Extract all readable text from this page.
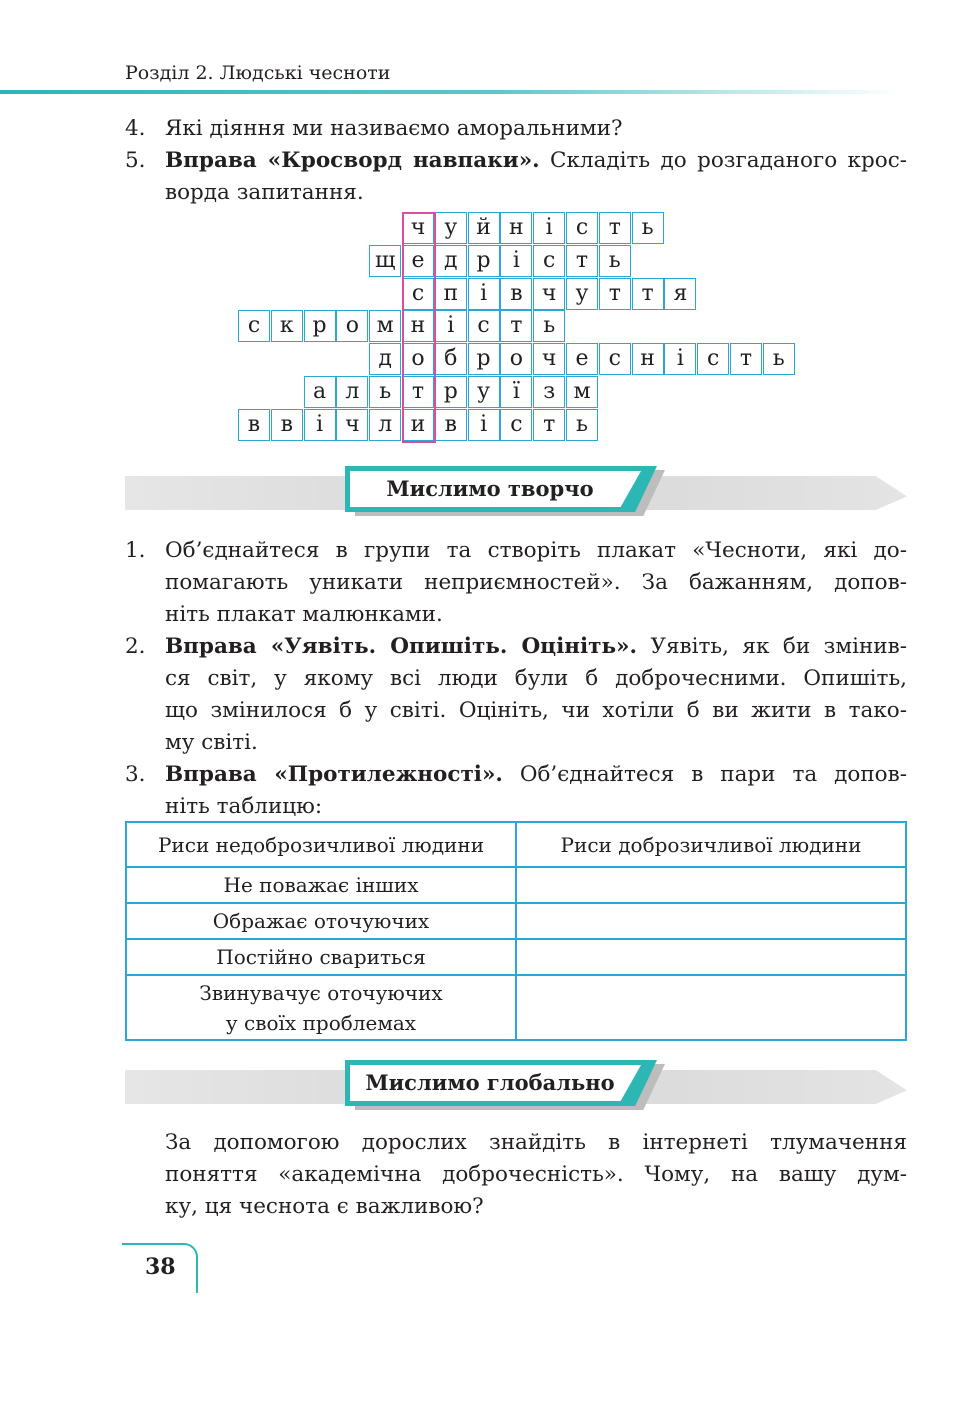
Розділ 2. Людські чесноти
4. Які діяння ми називаємо аморальними?
5. Вправа «Кросворд навпаки». Складіть до розгаданого крос-
ворда запитання.
ч у й н і	с т ь
щ е д р	і	с т ь
с п і	в ч у т т я
с к р о м н і	с т ь
д о б р о ч е с н і	с т ь
а л ь т р у	ї	з м
в в	і	ч л и в	і	с т ь
Мислимо творчо
1. Об’єднайтеся в групи та створіть плакат «Чесноти, які до-
помагають уникати неприємностей». За бажанням, допов-
ніть плакат малюнками.
2. Вправа «Уявіть. Опишіть. Оцініть». Уявіть, як би змінив-
ся світ, у якому всі люди були б доброчесними. Опишіть,
що змінилося б у світі. Оцініть, чи хотіли б ви жити в тако-
му світі.
3. Вправа «Протилежності». Об’єднайтеся в пари та допов-
ніть таблицю:
Риси недоброзичливої людини	Риси доброзичливої людини
Не поважає інших	
Ображає оточуючих	
Постійно свариться	
Звинувачує оточуючих
у своїх проблемах	
Мислимо глобально
За допомогою дорослих знайдіть в інтернеті тлумачення
поняття «академічна доброчесність». Чому, на вашу дум-
ку, ця чеснота є важливою?
38
